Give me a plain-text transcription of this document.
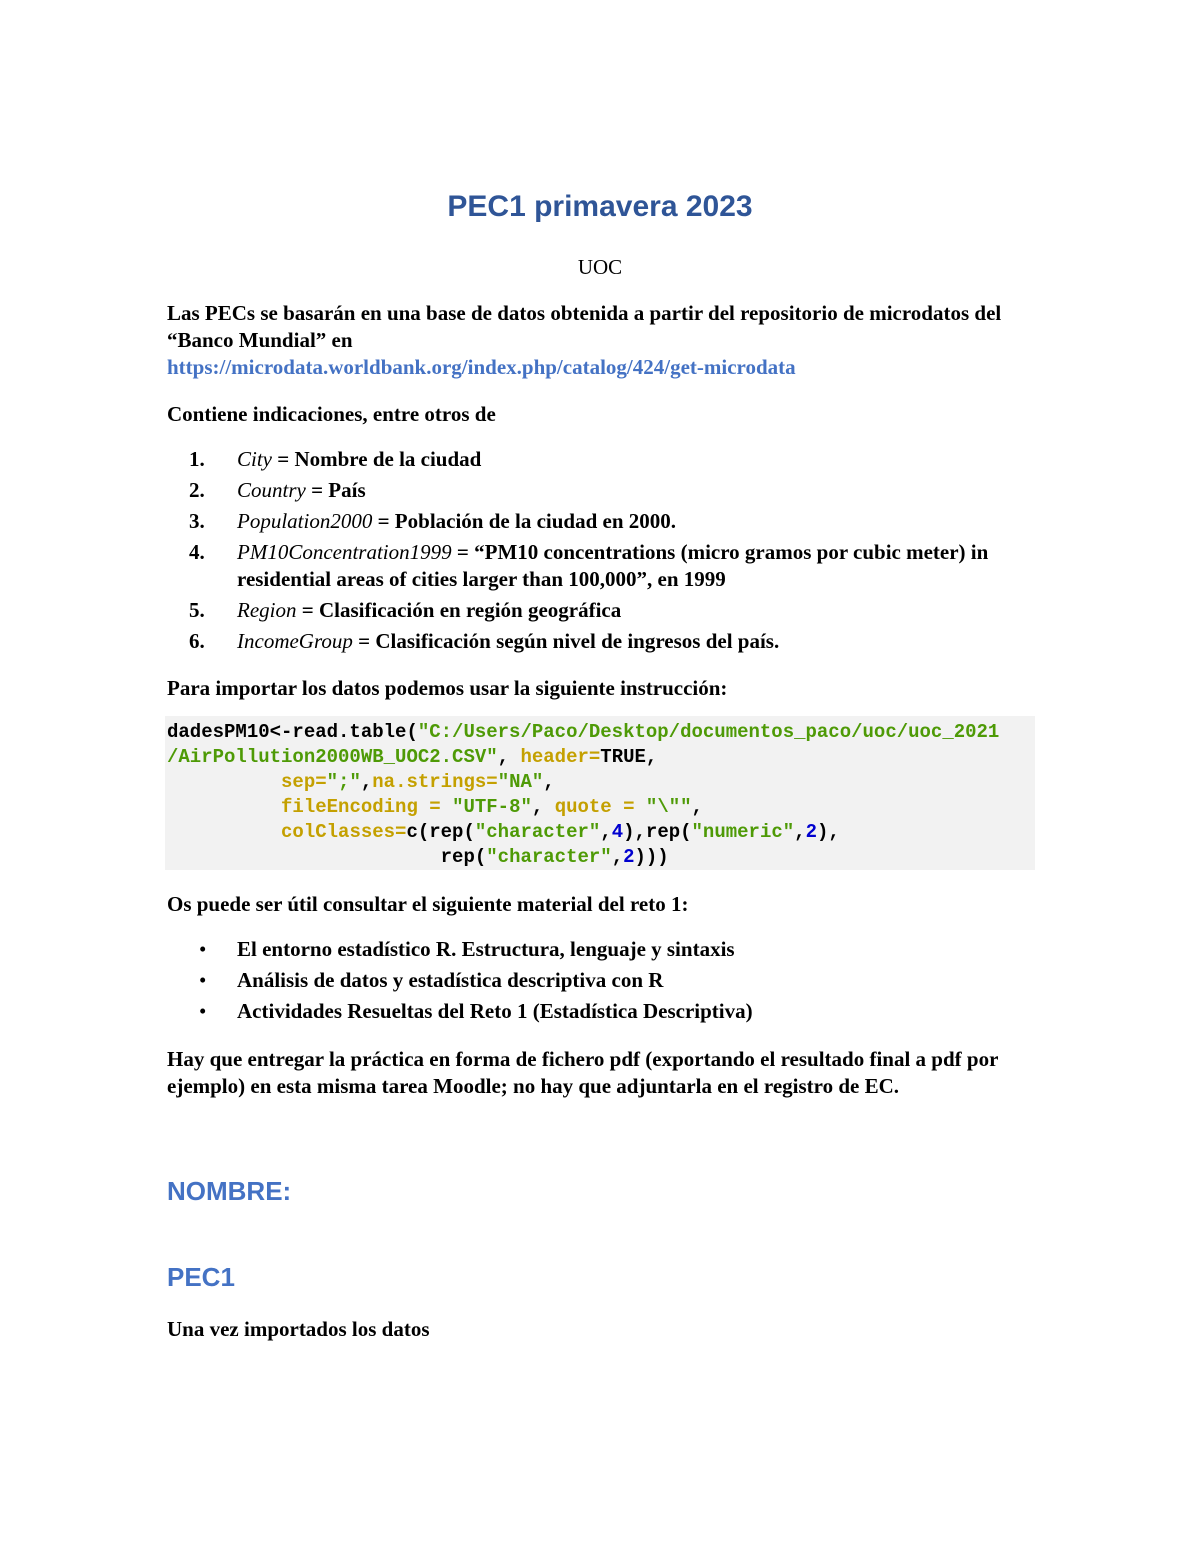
PEC1 primavera 2023
UOC
Las PECs se basarán en una base de datos obtenida a partir del repositorio de microdatos del “Banco Mundial” en
https://microdata.worldbank.org/index.php/catalog/424/get-microdata
Contiene indicaciones, entre otros de
1. City = Nombre de la ciudad
2. Country = País
3. Population2000 = Población de la ciudad en 2000.
4. PM10Concentration1999 = “PM10 concentrations (micro gramos por cubic meter) in residential areas of cities larger than 100,000”, en 1999
5. Region = Clasificación en región geográfica
6. IncomeGroup = Clasificación según nivel de ingresos del país.
Para importar los datos podemos usar la siguiente instrucción:
dadesPM10<-read.table("C:/Users/Paco/Desktop/documentos_paco/uoc/uoc_2021
/AirPollution2000WB_UOC2.CSV", header=TRUE,
sep=";",na.strings="NA",
fileEncoding = "UTF-8", quote = "\"",
colClasses=c(rep("character",4),rep("numeric",2),
rep("character",2)))
Os puede ser útil consultar el siguiente material del reto 1:
• El entorno estadístico R. Estructura, lenguaje y sintaxis
• Análisis de datos y estadística descriptiva con R
• Actividades Resueltas del Reto 1 (Estadística Descriptiva)
Hay que entregar la práctica en forma de fichero pdf (exportando el resultado final a pdf por ejemplo) en esta misma tarea Moodle; no hay que adjuntarla en el registro de EC.
NOMBRE:
PEC1
Una vez importados los datos
